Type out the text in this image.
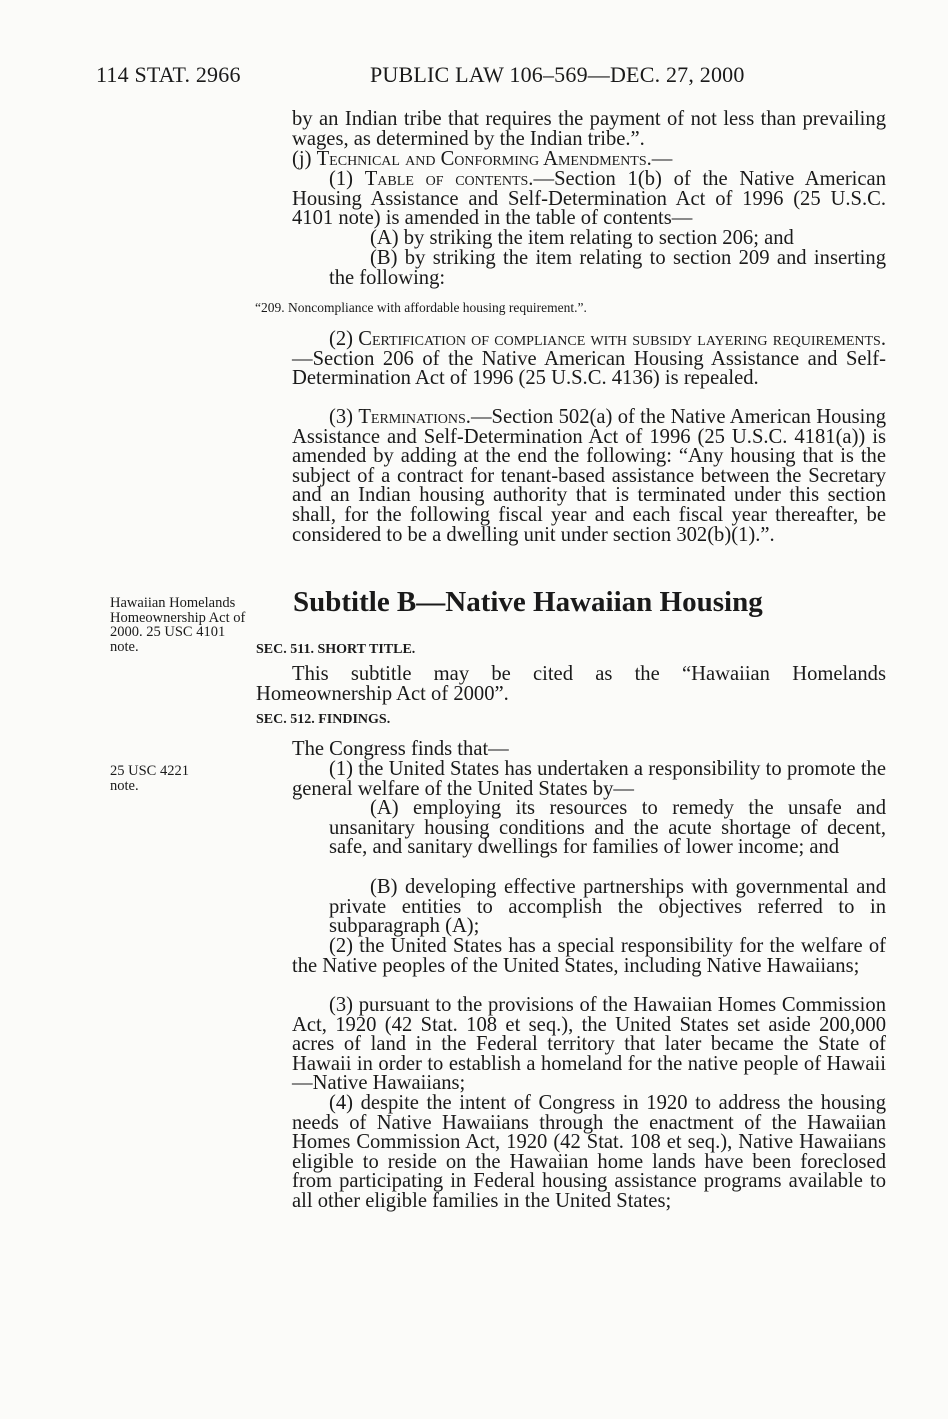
114 STAT. 2966	PUBLIC LAW 106–569—DEC. 27, 2000

by an Indian tribe that requires the payment of not less than prevailing wages, as determined by the Indian tribe.”.

(j) Technical and Conforming Amendments.—

(1) Table of contents.—Section 1(b) of the Native American Housing Assistance and Self-Determination Act of 1996 (25 U.S.C. 4101 note) is amended in the table of contents—

(A) by striking the item relating to section 206; and

(B) by striking the item relating to section 209 and inserting the following:

“209. Noncompliance with affordable housing requirement.”.

(2) Certification of compliance with subsidy layering requirements.—Section 206 of the Native American Housing Assistance and Self-Determination Act of 1996 (25 U.S.C. 4136) is repealed.

(3) Terminations.—Section 502(a) of the Native American Housing Assistance and Self-Determination Act of 1996 (25 U.S.C. 4181(a)) is amended by adding at the end the following: “Any housing that is the subject of a contract for tenant-based assistance between the Secretary and an Indian housing authority that is terminated under this section shall, for the following fiscal year and each fiscal year thereafter, be considered to be a dwelling unit under section 302(b)(1).”.

Subtitle B—Native Hawaiian Housing
Hawaiian Homelands Homeownership Act of 2000. 25 USC 4101 note.
25 USC 4221 note.
SEC. 511. SHORT TITLE.

This subtitle may be cited as the “Hawaiian Homelands Homeownership Act of 2000”.

SEC. 512. FINDINGS.

The Congress finds that—

(1) the United States has undertaken a responsibility to promote the general welfare of the United States by—

(A) employing its resources to remedy the unsafe and unsanitary housing conditions and the acute shortage of decent, safe, and sanitary dwellings for families of lower income; and

(B) developing effective partnerships with governmental and private entities to accomplish the objectives referred to in subparagraph (A);

(2) the United States has a special responsibility for the welfare of the Native peoples of the United States, including Native Hawaiians;

(3) pursuant to the provisions of the Hawaiian Homes Commission Act, 1920 (42 Stat. 108 et seq.), the United States set aside 200,000 acres of land in the Federal territory that later became the State of Hawaii in order to establish a homeland for the native people of Hawaii—Native Hawaiians;

(4) despite the intent of Congress in 1920 to address the housing needs of Native Hawaiians through the enactment of the Hawaiian Homes Commission Act, 1920 (42 Stat. 108 et seq.), Native Hawaiians eligible to reside on the Hawaiian home lands have been foreclosed from participating in Federal housing assistance programs available to all other eligible families in the United States;
